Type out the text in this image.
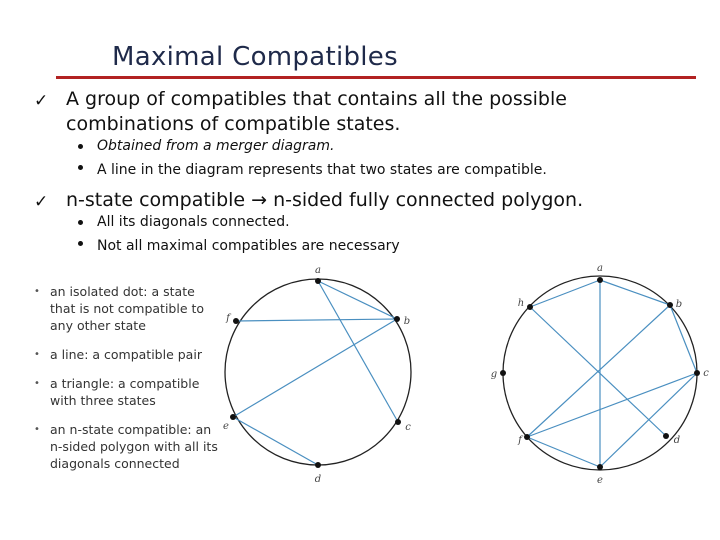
Maximal Compatibles
✓ A group of compatibles that contains all the possible
combinations of compatible states.
Obtained from a merger diagram.
A line in the diagram represents that two states are compatible.
✓ n-state compatible → n-sided fully connected polygon.
All its diagonals connected.
Not all maximal compatibles are necessary
• an isolated dot: a state that is not compatible to any other state
• a line: a compatible pair
• a triangle: a compatible with three states
• an n-state compatible: an n-sided polygon with all its diagonals connected
a
b
c
d
e
f
a
b
c
d
e
f
g
h
